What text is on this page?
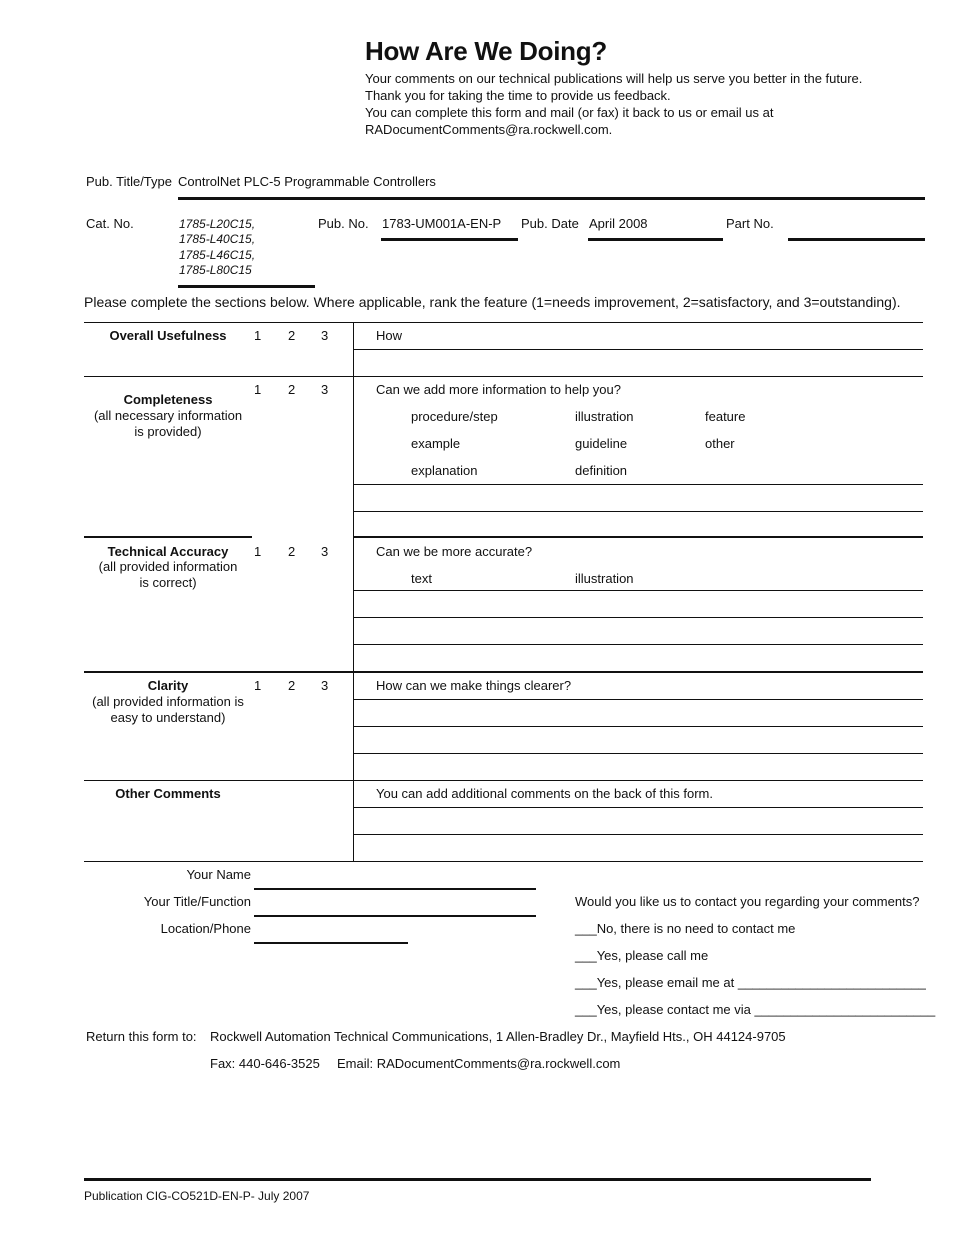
How Are We Doing?
Your comments on our technical publications will help us serve you better in the future.
Thank you for taking the time to provide us feedback.
You can complete this form and mail (or fax) it back to us or email us at
RADocumentComments@ra.rockwell.com.
Pub. Title/Type ControlNet PLC-5 Programmable Controllers
Cat. No.	1785-L20C15,
1785-L40C15,
1785-L46C15,
1785-L80C15
Pub. No. 1783-UM001A-EN-P Pub. Date April 2008	Part No.
Please complete the sections below. Where applicable, rank the feature (1=needs improvement, 2=satisfactory, and 3=outstanding).
Overall Usefulness	1 2 3	How
Completeness
(all necessary information
is provided)
1 2 3	Can we add more information to help you?
procedure/step	illustration	feature
example	guideline	other
explanation	definition
Technical Accuracy
(all provided information
is correct)
1 2 3	Can we be more accurate?
text	illustration
Clarity
(all provided information is
easy to understand)
1 2 3	How can we make things clearer?
Other Comments	You can add additional comments on the back of this form.
Your Name
Your Title/Function
Location/Phone
Would you like us to contact you regarding your comments?
___No, there is no need to contact me
___Yes, please call me
___Yes, please email me at __________________________
___Yes, please contact me via _________________________
Return this form to: Rockwell Automation Technical Communications, 1 Allen-Bradley Dr., Mayfield Hts., OH 44124-9705
Fax: 440-646-3525 Email: RADocumentComments@ra.rockwell.com
Publication CIG-CO521D-EN-P- July 2007
